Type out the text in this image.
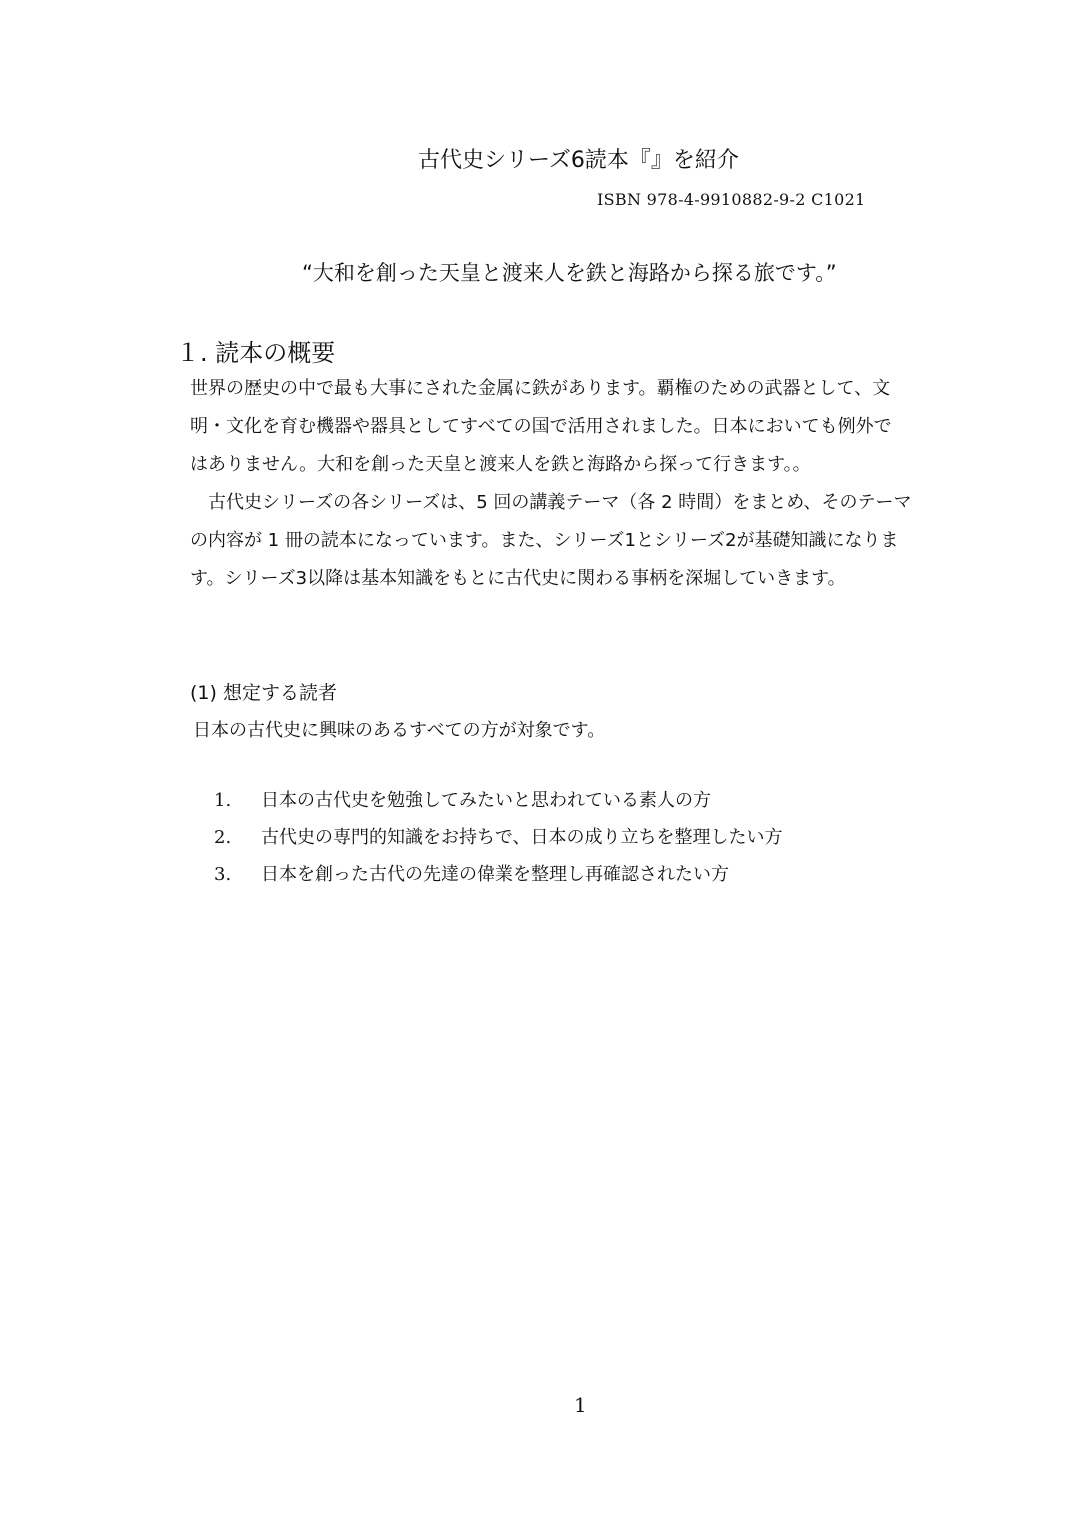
古代史シリーズ6読本『』を紹介
ISBN 978-4-9910882-9-2 C1021
“大和を創った天皇と渡来人を鉄と海路から探る旅です。”
１. 読本の概要

世界の歴史の中で最も大事にされた金属に鉄があります。覇権のための武器として、文

明・文化を育む機器や器具としてすべての国で活用されました。日本においても例外で

はありません。大和を創った天皇と渡来人を鉄と海路から探って行きます。。

　古代史シリーズの各シリーズは、5 回の講義テーマ（各 2 時間）をまとめ、そのテーマ

の内容が 1 冊の読本になっています。また、シリーズ1とシリーズ2が基礎知識になりま

す。シリーズ3以降は基本知識をもとに古代史に関わる事柄を深堀していきます。

(1) 想定する読者
日本の古代史に興味のあるすべての方が対象です。
1.	日本の古代史を勉強してみたいと思われている素人の方
2.	古代史の専門的知識をお持ちで、日本の成り立ちを整理したい方
3.	日本を創った古代の先達の偉業を整理し再確認されたい方
1
